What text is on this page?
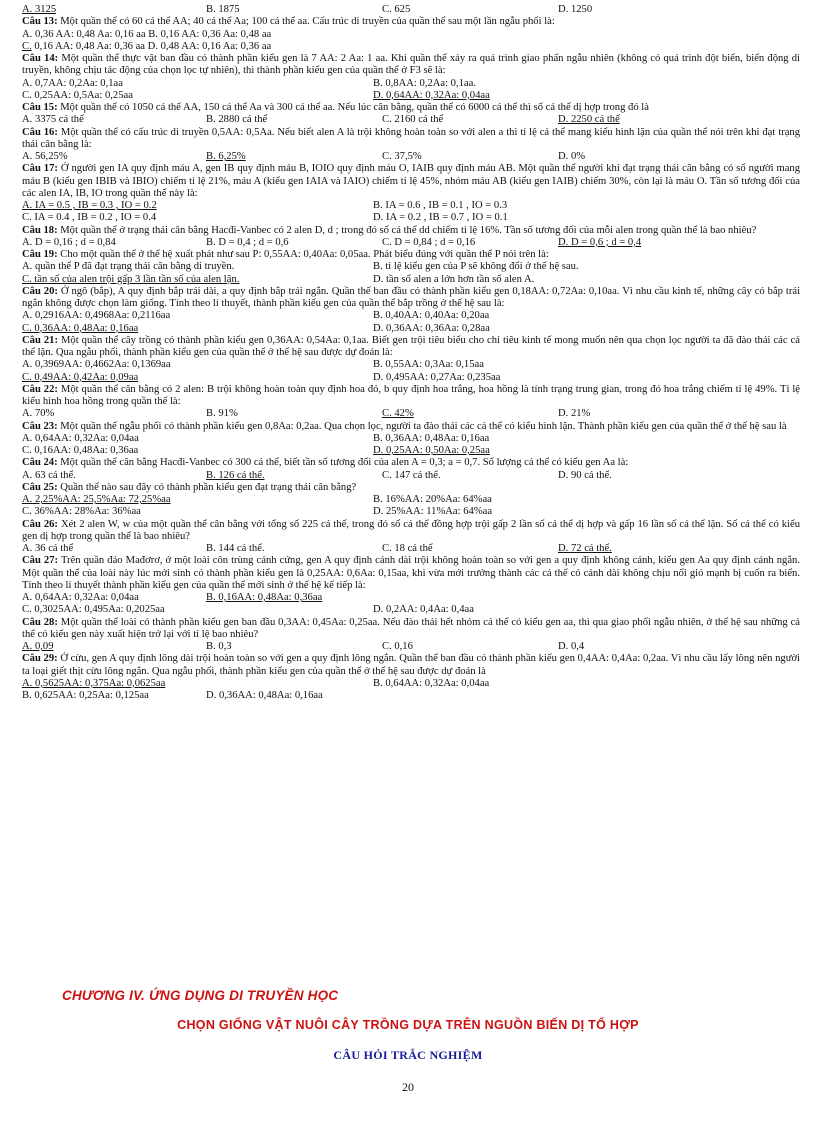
A. 3125	B. 1875	C. 625	D. 1250

Câu 13: Một quần thể có 60 cá thể AA; 40 cá thể Aa; 100 cá thể aa. Cấu trúc di truyền của quần thể sau một lần ngẫu phối là:

A. 0,36 AA: 0,48 Aa: 0,16 aa B. 0,16 AA: 0,36 Aa: 0,48 aa

C. 0,16 AA: 0,48 Aa: 0,36 aa D. 0,48 AA: 0,16 Aa: 0,36 aa

Câu 14: Một quần thể thực vật ban đầu có thành phần kiểu gen là 7 AA: 2 Aa: 1 aa. Khi quần thể xảy ra quá trình giao phấn ngẫu nhiên (không có quá trình đột biến, biến động di truyền, không chịu tác động của chọn lọc tự nhiên), thì thành phần kiểu gen của quần thể ở F3 sẽ là:

A. 0,7AA: 0,2Aa: 0,1aa	B. 0,8AA: 0,2Aa: 0,1aa.
C. 0,25AA: 0,5Aa: 0,25aa	D. 0,64AA: 0,32Aa: 0,04aa

Câu 15: Một quần thể có 1050 cá thể AA, 150 cá thể Aa và 300 cá thể aa. Nếu lúc cân bằng, quần thể có 6000 cá thể thì số cá thể dị hợp trong đó là

A. 3375 cá thể	B. 2880 cá thể	C. 2160 cá thể	D. 2250 cá thể

Câu 16: Một quần thể có cấu trúc di truyền 0,5AA: 0,5Aa. Nếu biết alen A là trội không hoàn toàn so với alen a thì tỉ lệ cá thể mang kiểu hình lặn của quần thể nói trên khi đạt trạng thái cân bằng là:

A. 56,25%	B. 6,25%	C. 37,5%	D. 0%

Câu 17: Ở người gen IA quy định máu A, gen IB quy định máu B, IOIO quy định máu O, IAIB quy định máu AB. Một quần thể người khi đạt trạng thái cân bằng có số người mang máu B (kiểu gen IBIB và IBIO) chiếm tỉ lệ 21%, máu A (kiểu gen IAIA và IAIO) chiếm tỉ lệ 45%, nhóm máu AB (kiểu gen IAIB) chiếm 30%, còn lại là máu O. Tần số tương đối của các alen IA, IB, IO trong quần thể này là:

A. IA = 0.5 , IB = 0.3 , IO = 0.2	B. IA = 0.6 , IB = 0.1 , IO = 0.3
C. IA = 0.4 , IB = 0.2 , IO = 0.4	D. IA = 0.2 , IB = 0.7 , IO = 0.1

Câu 18: Một quần thể ở trạng thái cân bằng Hacđi-Vanbec có 2 alen D, d ; trong đó số cá thể dd chiếm tỉ lệ 16%. Tần số tương đối của mỗi alen trong quần thể là bao nhiêu?

A. D = 0,16 ; d = 0,84	B. D = 0,4 ; d = 0,6	C. D = 0,84 ; d = 0,16	D. D = 0,6 ; d = 0,4

Câu 19: Cho một quần thể ở thế hệ xuất phát như sau P: 0,55AA: 0,40Aa: 0,05aa. Phát biểu đúng với quần thể P nói trên là:

A. quần thể P đã đạt trạng thái cân bằng di truyền.	B. tỉ lệ kiểu gen của P sẽ không đổi ở thế hệ sau.
C. tần số của alen trội gấp 3 lần tần số của alen lặn.	D. tần số alen a lớn hơn tần số alen A.

Câu 20: Ở ngô (bắp), A quy định bắp trái dài, a quy định bắp trái ngắn. Quần thể ban đầu có thành phần kiểu gen 0,18AA: 0,72Aa: 0,10aa. Vì nhu cầu kinh tế, những cây có bắp trái ngắn không được chọn làm giống. Tính theo lí thuyết, thành phần kiểu gen của quần thể bắp trồng ở thế hệ sau là:

A. 0,2916AA: 0,4968Aa: 0,2116aa	B. 0,40AA: 0,40Aa: 0,20aa
C. 0,36AA: 0,48Aa: 0,16aa	D. 0,36AA: 0,36Aa: 0,28aa

Câu 21: Một quần thể cây trồng có thành phần kiểu gen 0,36AA: 0,54Aa: 0,1aa. Biết gen trội tiêu biểu cho chỉ tiêu kinh tế mong muốn nên qua chọn lọc người ta đã đào thải các cá thể lặn. Qua ngẫu phối, thành phần kiểu gen của quần thể ở thế hệ sau được dự đoán là:

A. 0,3969AA: 0,4662Aa: 0,1369aa	B. 0,55AA: 0,3Aa: 0,15aa
C. 0,49AA: 0,42Aa: 0,09aa	D. 0,495AA: 0,27Aa: 0,235aa

Câu 22: Một quần thể cân bằng có 2 alen: B trội không hoàn toàn quy định hoa đỏ, b quy định hoa trắng, hoa hồng là tính trạng trung gian, trong đó hoa trắng chiếm tỉ lệ 49%. Tỉ lệ kiểu hình hoa hồng trong quần thể là:

A. 70%	B. 91%	C. 42%	D. 21%

Câu 23: Một quần thể ngẫu phối có thành phần kiểu gen 0,8Aa: 0,2aa. Qua chọn lọc, người ta đào thải các cá thể có kiểu hình lặn. Thành phần kiểu gen của quần thể ở thế hệ sau là

A. 0,64AA: 0,32Aa: 0,04aa	B. 0,36AA: 0,48Aa: 0,16aa
C. 0,16AA: 0,48Aa: 0,36aa	D. 0,25AA: 0,50Aa: 0,25aa

Câu 24: Một quần thể cân bằng Hacđi-Vanbec có 300 cá thể, biết tần số tương đối của alen A = 0,3; a = 0,7. Số lượng cá thể có kiểu gen Aa là:

A. 63 cá thể.	B. 126 cá thể.	C. 147 cá thể.	D. 90 cá thể.

Câu 25: Quần thể nào sau đây có thành phần kiểu gen đạt trạng thái cân bằng?

A. 2,25%AA: 25,5%Aa: 72,25%aa	B. 16%AA: 20%Aa: 64%aa
C. 36%AA: 28%Aa: 36%aa	D. 25%AA: 11%Aa: 64%aa

Câu 26: Xét 2 alen W, w của một quần thể cân bằng với tổng số 225 cá thể, trong đó số cá thể đồng hợp trội gấp 2 lần số cá thể dị hợp và gấp 16 lần số cá thể lặn. Số cá thể có kiểu gen dị hợp trong quần thể là bao nhiêu?

A. 36 cá thể	B. 144 cá thể.	C. 18 cá thể	D. 72 cá thể.

Câu 27: Trên quần đảo Mađơrơ, ở một loài côn trùng cánh cứng, gen A quy định cánh dài trội không hoàn toàn so với gen a quy định không cánh, kiểu gen Aa quy định cánh ngắn. Một quần thể của loài này lúc mới sinh có thành phần kiểu gen là 0,25AA: 0,6Aa: 0,15aa, khi vừa mới trưởng thành các cá thể có cánh dài không chịu nổi gió mạnh bị cuốn ra biển. Tính theo lí thuyết thành phần kiểu gen của quần thể mới sinh ở thế hệ kế tiếp là:

A. 0,64AA: 0,32Aa: 0,04aa	B. 0,16AA: 0,48Aa: 0,36aa
C. 0,3025AA: 0,495Aa: 0,2025aa	D. 0,2AA: 0,4Aa: 0,4aa

Câu 28: Một quần thể loài có thành phần kiểu gen ban đầu 0,3AA: 0,45Aa: 0,25aa. Nếu đào thải hết nhóm cá thể có kiểu gen aa, thì qua giao phối ngẫu nhiên, ở thế hệ sau những cá thể có kiểu gen này xuất hiện trở lại với tỉ lệ bao nhiêu?

A. 0,09	B. 0,3	C. 0,16	D. 0,4

Câu 29: Ở cừu, gen A quy định lông dài trội hoàn toàn so với gen a quy định lông ngắn. Quần thể ban đầu có thành phần kiểu gen 0,4AA: 0,4Aa: 0,2aa. Vì nhu cầu lấy lông nên người ta loại giết thịt cừu lông ngắn. Qua ngẫu phối, thành phần kiểu gen của quần thể ở thế hệ sau được dự đoán là

A. 0,5625AA: 0,375Aa: 0,0625aa	B. 0,64AA: 0,32Aa: 0,04aa
B. 0,625AA: 0,25Aa: 0,125aa	D. 0,36AA: 0,48Aa: 0,16aa
CHƯƠNG IV. ỨNG DỤNG DI TRUYỀN HỌC
CHỌN GIỐNG VẬT NUÔI CÂY TRỒNG DỰA TRÊN NGUỒN BIẾN DỊ TỔ HỢP
CÂU HỎI TRẮC NGHIỆM
20
